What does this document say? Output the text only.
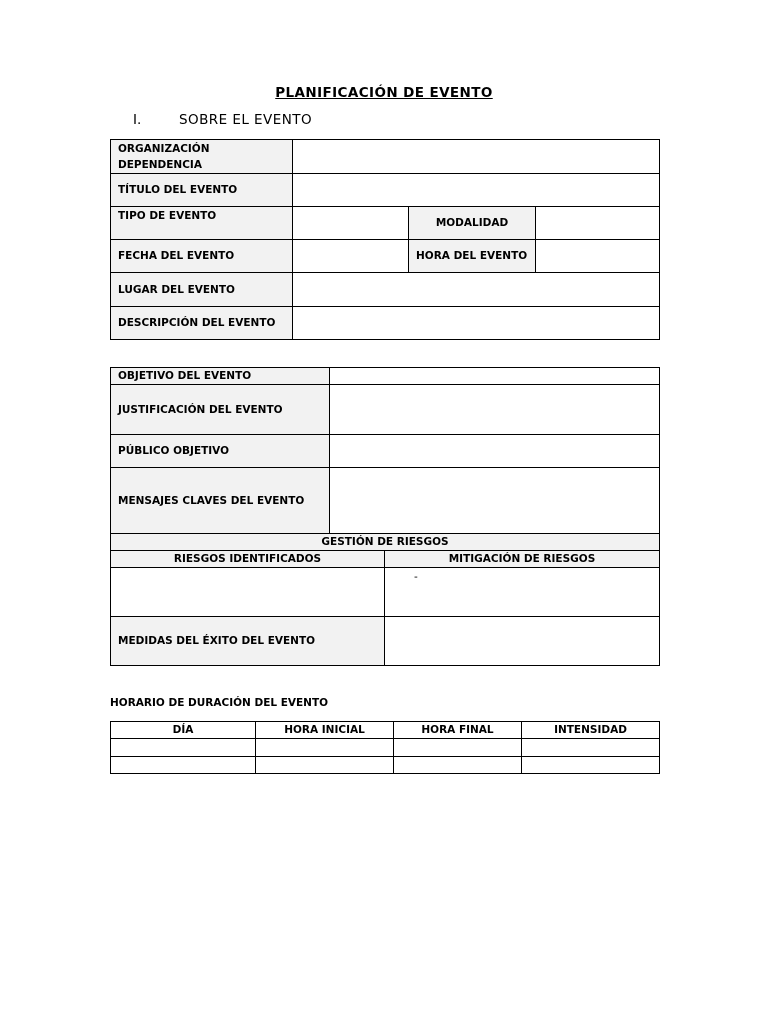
PLANIFICACIÓN DE EVENTO
I.	SOBRE EL EVENTO
ORGANIZACIÓN
DEPENDENCIA			
TÍTULO DEL EVENTO			
TIPO DE EVENTO		MODALIDAD	
FECHA DEL EVENTO		HORA DEL EVENTO	
LUGAR DEL EVENTO			
DESCRIPCIÓN DEL EVENTO			
OBJETIVO DEL EVENTO		
JUSTIFICACIÓN DEL EVENTO		
PÚBLICO OBJETIVO		
MENSAJES CLAVES DEL EVENTO		
GESTIÓN DE RIESGOS		
RIESGOS IDENTIFICADOS		MITIGACIÓN DE RIESGOS
		-
MEDIDAS DEL ÉXITO DEL EVENTO		
HORARIO DE DURACIÓN DEL EVENTO
DÍA	HORA INICIAL	HORA FINAL	INTENSIDAD
